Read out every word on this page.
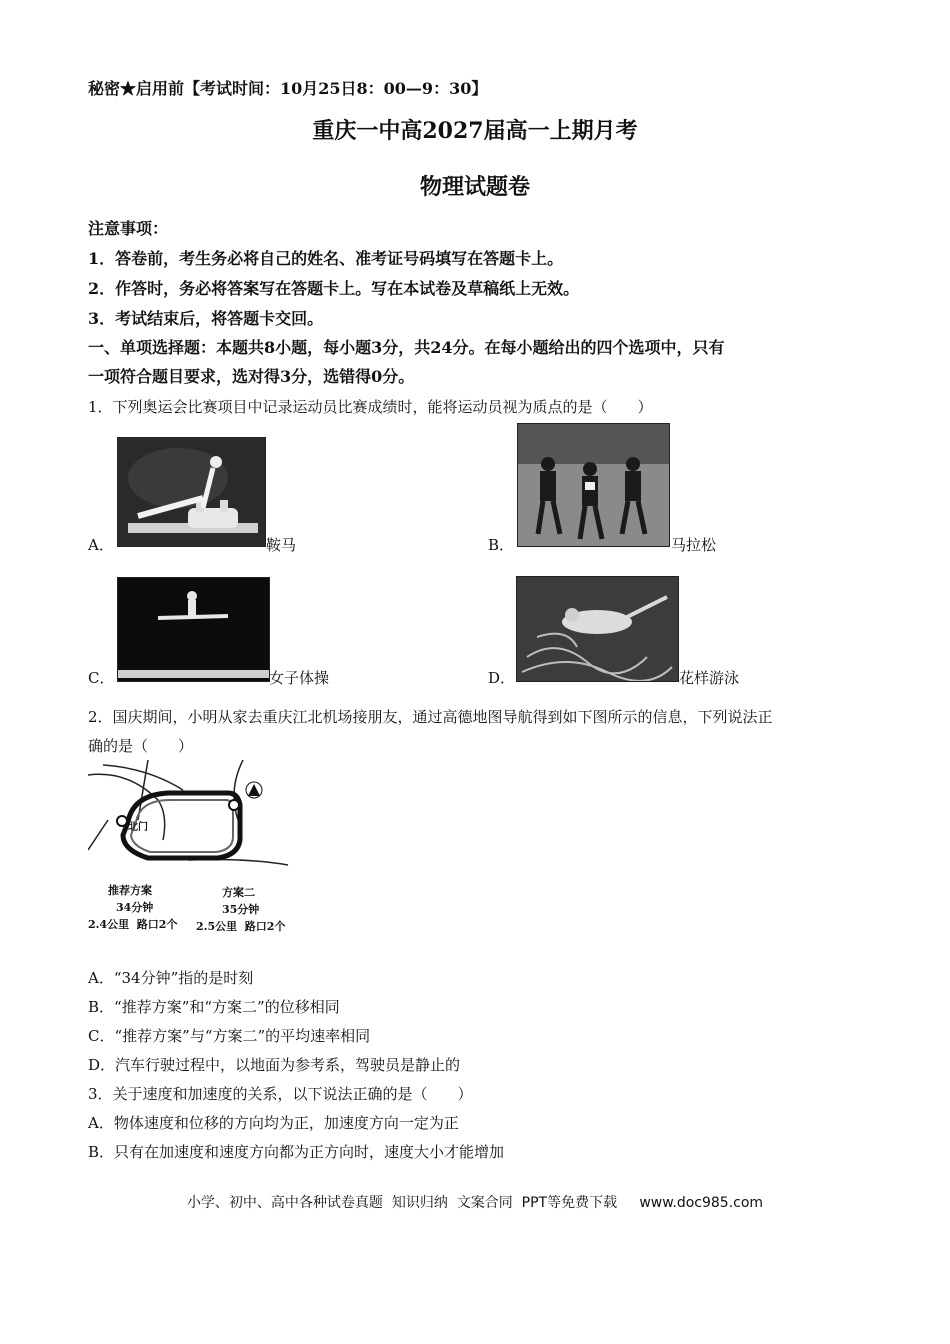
秘密★启用前【考试时间：10月25日8：00—9：30】
重庆一中高2027届高一上期月考
物理试题卷
注意事项：
1．答卷前，考生务必将自己的姓名、准考证号码填写在答题卡上。
2．作答时，务必将答案写在答题卡上。写在本试卷及草稿纸上无效。
3．考试结束后，将答题卡交回。
一、单项选择题：本题共8小题，每小题3分，共24分。在每小题给出的四个选项中，只有
一项符合题目要求，选对得3分，选错得0分。
1．下列奥运会比赛项目中记录运动员比赛成绩时，能将运动员视为质点的是（　　）
A．	鞍马	B．	马拉松
C．	女子体操	D．	花样游泳
2．国庆期间，小明从家去重庆江北机场接朋友，通过高德地图导航得到如下图所示的信息，下列说法正
确的是（　　）
北门
推荐方案
34分钟
2.4公里  路口2个
方案二
35分钟
2.5公里  路口2个
A．“34分钟”指的是时刻
B．“推荐方案”和“方案二”的位移相同
C．“推荐方案”与“方案二”的平均速率相同
D．汽车行驶过程中，以地面为参考系，驾驶员是静止的
3．关于速度和加速度的关系，以下说法正确的是（　　）
A．物体速度和位移的方向均为正，加速度方向一定为正
B．只有在加速度和速度方向都为正方向时，速度大小才能增加
小学、初中、高中各种试卷真题  知识归纳  文案合同  PPT等免费下载     www.doc985.com
